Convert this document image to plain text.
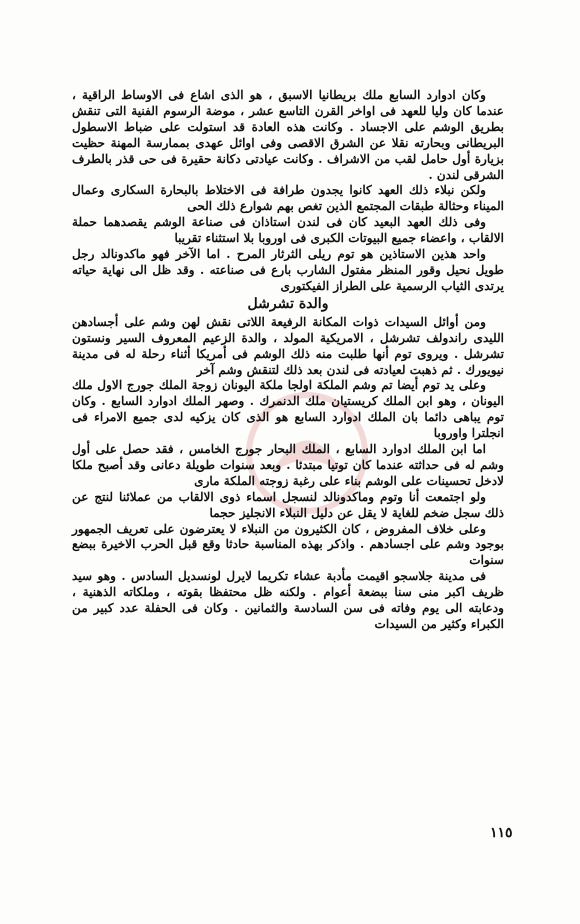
وكان ادوارد السابع ملك بريطانيا الاسبق ، هو الذى اشاع فى الاوساط الراقية ، عندما كان وليا للعهد فى اواخر القرن التاسع عشر ، موضة الرسوم الفنية التى تنقش بطريق الوشم على الاجساد . وكانت هذه العادة قد استولت على ضباط الاسطول البريطانى وبحارته نقلا عن الشرق الاقصى وفى اوائل عهدى بممارسة المهنة حظيت بزيارة أول حامل لقب من الاشراف . وكانت عيادتى دكانة حقيرة فى حى قذر بالطرف الشرقى لندن .

ولكن نبلاء ذلك العهد كانوا يجدون طرافة فى الاختلاط بالبحارة السكارى وعمال الميناء وحثالة طبقات المجتمع الذين تغص بهم شوارع ذلك الحى

وفى ذلك العهد البعيد كان فى لندن استاذان فى صناعة الوشم يقصدهما حملة الالقاب ، واعضاء جميع البيوتات الكبرى فى اوروبا بلا استثناء تقريبا

واحد هذين الاستاذين هو توم ريلى الثرثار المرح . اما الآخر فهو ماكدونالد رجل طويل نحيل وقور المنظر مفتول الشارب بارع فى صناعته . وقد ظل الى نهاية حياته يرتدى الثياب الرسمية على الطراز الفيكتورى

والدة تشرشل

ومن أوائل السيدات ذوات المكانة الرفيعة اللاتى نقش لهن وشم على أجسادهن الليدى راندولف تشرشل ، الامريكية المولد ، والدة الزعيم المعروف السير ونستون تشرشل . ويروى توم أنها طلبت منه ذلك الوشم فى أمريكا أثناء رحلة له فى مدينة نيويورك . ثم ذهبت لعيادته فى لندن بعد ذلك لتنقش وشم آخر

وعلى يد توم أيضا تم وشم الملكة اولجا ملكة اليونان زوجة الملك جورج الاول ملك اليونان ، وهو ابن الملك كريستيان ملك الدنمرك . وصهر الملك ادوارد السابع . وكان توم يباهى دائما بان الملك ادوارد السابع هو الذى كان يزكيه لدى جميع الامراء فى انجلترا واوروبا

اما ابن الملك ادوارد السابع ، الملك البحار جورج الخامس ، فقد حصل على أول وشم له فى حداثته عندما كان توتيا مبتدئا . وبعد سنوات طويلة دعانى وقد أصبح ملكا لادخل تحسينات على الوشم بناء على رغبة زوجته الملكة مارى

ولو اجتمعت أنا وتوم وماكدونالد لنسجل اسماء ذوى الالقاب من عملائنا لنتج عن ذلك سجل ضخم للغاية لا يقل عن دليل النبلاء الانجليز حجما

وعلى خلاف المفروض ، كان الكثيرون من النبلاء لا يعترضون على تعريف الجمهور بوجود وشم على اجسادهم . واذكر بهذه المناسبة حادثا وقع قبل الحرب الاخيرة ببضع سنوات

فى مدينة جلاسجو اقيمت مأدبة عشاء تكريما لايرل لونسديل السادس . وهو سيد ظريف اكبر منى سنا ببضعة أعوام . ولكنه ظل محتفظا بقوته ، وملكاته الذهنية ، ودعابته الى يوم وفاته فى سن السادسة والثمانين . وكان فى الحفلة عدد كبير من الكبراء وكثير من السيدات

١١٥
